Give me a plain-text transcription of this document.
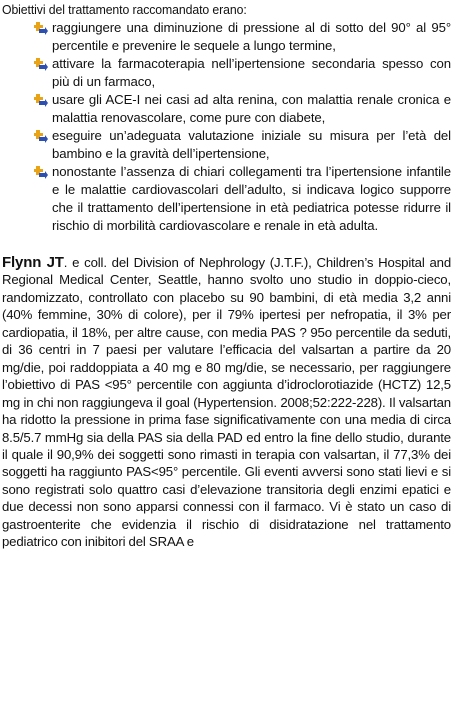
Obiettivi del trattamento raccomandato erano:

raggiungere una diminuzione di pressione al di sotto del 90° al 95° percentile e prevenire le sequele a lungo termine,
attivare la farmacoterapia nell’ipertensione secondaria spesso con più di un farmaco,
usare gli ACE-I nei casi ad alta renina, con malattia renale cronica e malattia renovascolare, come pure con diabete,
eseguire un’adeguata valutazione iniziale su misura per l’età del bambino e la gravità dell’ipertensione,
nonostante l’assenza di chiari collegamenti tra l’ipertensione infantile e le malattie cardiovascolari dell’adulto, si indicava logico supporre che il trattamento dell’ipertensione in età pediatrica potesse ridurre il rischio di morbilità cardiovascolare e renale in età adulta.

Flynn JT. e coll. del Division of Nephrology (J.T.F.), Children’s Hospital and Regional Medical Center, Seattle, hanno svolto uno studio in doppio-cieco, randomizzato, controllato con placebo su 90 bambini, di età media 3,2 anni (40% femmine, 30% di colore), per il 79% ipertesi per nefropatia, il 3% per cardiopatia, il 18%, per altre cause, con media PAS ? 95o percentile da seduti, di 36 centri in 7 paesi per valutare l’efficacia del valsartan a partire da 20 mg/die, poi raddoppiata a 40 mg e 80 mg/die, se necessario, per raggiungere l’obiettivo di PAS <95° percentile con aggiunta d’idroclorotiazide (HCTZ) 12,5 mg in chi non raggiungeva il goal (Hypertension. 2008;52:222-228). Il valsartan ha ridotto la pressione in prima fase significativamente con una media di circa 8.5/5.7 mmHg sia della PAS sia della PAD ed entro la fine dello studio, durante il quale il 90,9% dei soggetti sono rimasti in terapia con valsartan, il 77,3% dei soggetti ha raggiunto PAS<95° percentile. Gli eventi avversi sono stati lievi e si sono registrati solo quattro casi d’elevazione transitoria degli enzimi epatici e due decessi non sono apparsi connessi con il farmaco. Vi è stato un caso di gastroenterite che evidenzia il rischio di disidratazione nel trattamento pediatrico con inibitori del SRAA e
